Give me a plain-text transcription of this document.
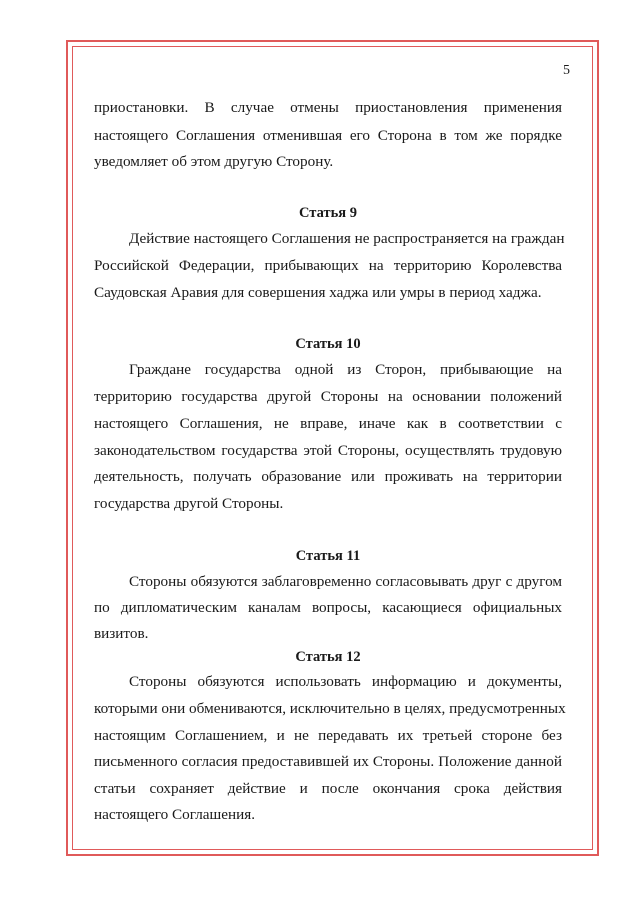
5
приостановки. В случае отмены приостановления применения
настоящего Соглашения отменившая его Сторона в том же порядке
уведомляет об этом другую Сторону.
Статья 9
Действие настоящего Соглашения не распространяется на граждан
Российской Федерации, прибывающих на территорию Королевства
Саудовская Аравия для совершения хаджа или умры в период хаджа.
Статья 10
Граждане государства одной из Сторон, прибывающие на
территорию государства другой Стороны на основании положений
настоящего Соглашения, не вправе, иначе как в соответствии с
законодательством государства этой Стороны, осуществлять трудовую
деятельность, получать образование или проживать на территории
государства другой Стороны.
Статья 11
Стороны обязуются заблаговременно согласовывать друг с другом
по дипломатическим каналам вопросы, касающиеся официальных
визитов.
Статья 12
Стороны обязуются использовать информацию и документы,
которыми они обмениваются, исключительно в целях, предусмотренных
настоящим Соглашением, и не передавать их третьей стороне без
письменного согласия предоставившей их Стороны. Положение данной
статьи сохраняет действие и после окончания срока действия
настоящего Соглашения.
